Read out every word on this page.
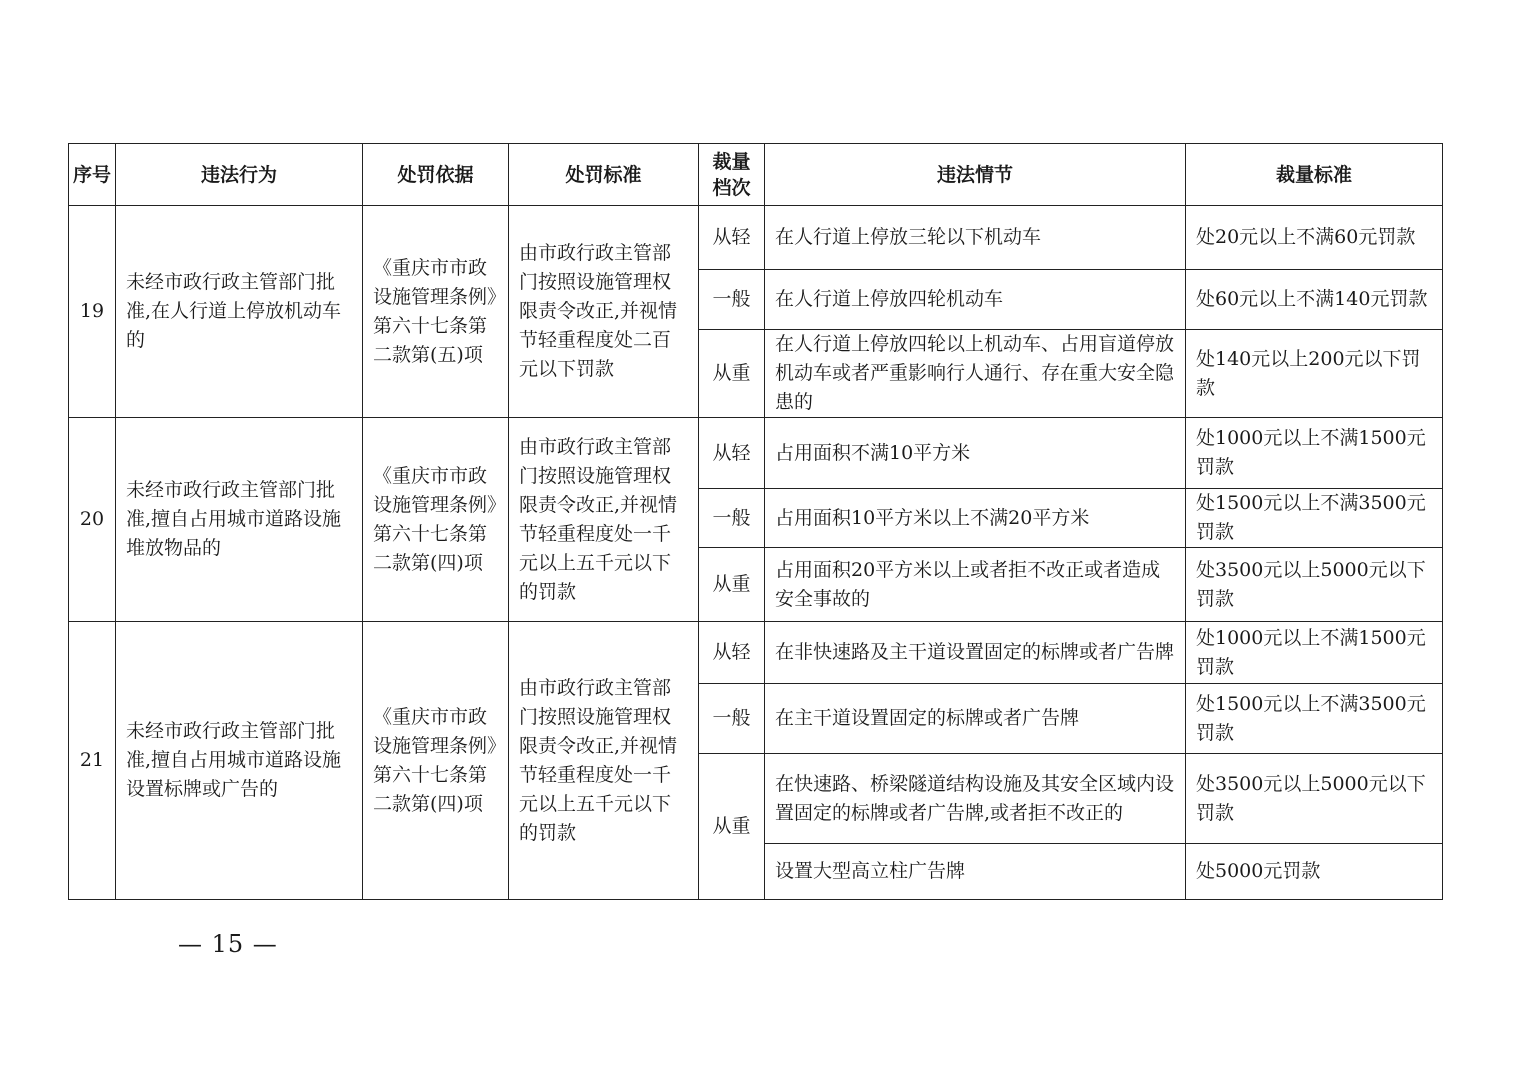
序号	违法行为	处罚依据	处罚标准	裁量档次	违法情节	裁量标准
19	未经市政行政主管部门批准,在人行道上停放机动车的	《重庆市市政设施管理条例》第六十七条第二款第(五)项	由市政行政主管部门按照设施管理权限责令改正,并视情节轻重程度处二百元以下罚款	从轻	在人行道上停放三轮以下机动车	处20元以上不满60元罚款
				一般	在人行道上停放四轮机动车	处60元以上不满140元罚款
				从重	在人行道上停放四轮以上机动车、占用盲道停放机动车或者严重影响行人通行、存在重大安全隐患的	处140元以上200元以下罚款
20	未经市政行政主管部门批准,擅自占用城市道路设施堆放物品的	《重庆市市政设施管理条例》第六十七条第二款第(四)项	由市政行政主管部门按照设施管理权限责令改正,并视情节轻重程度处一千元以上五千元以下的罚款	从轻	占用面积不满10平方米	处1000元以上不满1500元罚款
				一般	占用面积10平方米以上不满20平方米	处1500元以上不满3500元罚款
				从重	占用面积20平方米以上或者拒不改正或者造成安全事故的	处3500元以上5000元以下罚款
21	未经市政行政主管部门批准,擅自占用城市道路设施设置标牌或广告的	《重庆市市政设施管理条例》第六十七条第二款第(四)项	由市政行政主管部门按照设施管理权限责令改正,并视情节轻重程度处一千元以上五千元以下的罚款	从轻	在非快速路及主干道设置固定的标牌或者广告牌	处1000元以上不满1500元罚款
				一般	在主干道设置固定的标牌或者广告牌	处1500元以上不满3500元罚款
				从重	在快速路、桥梁隧道结构设施及其安全区域内设置固定的标牌或者广告牌,或者拒不改正的	处3500元以上5000元以下罚款
					设置大型高立柱广告牌	处5000元罚款
— 15 —
